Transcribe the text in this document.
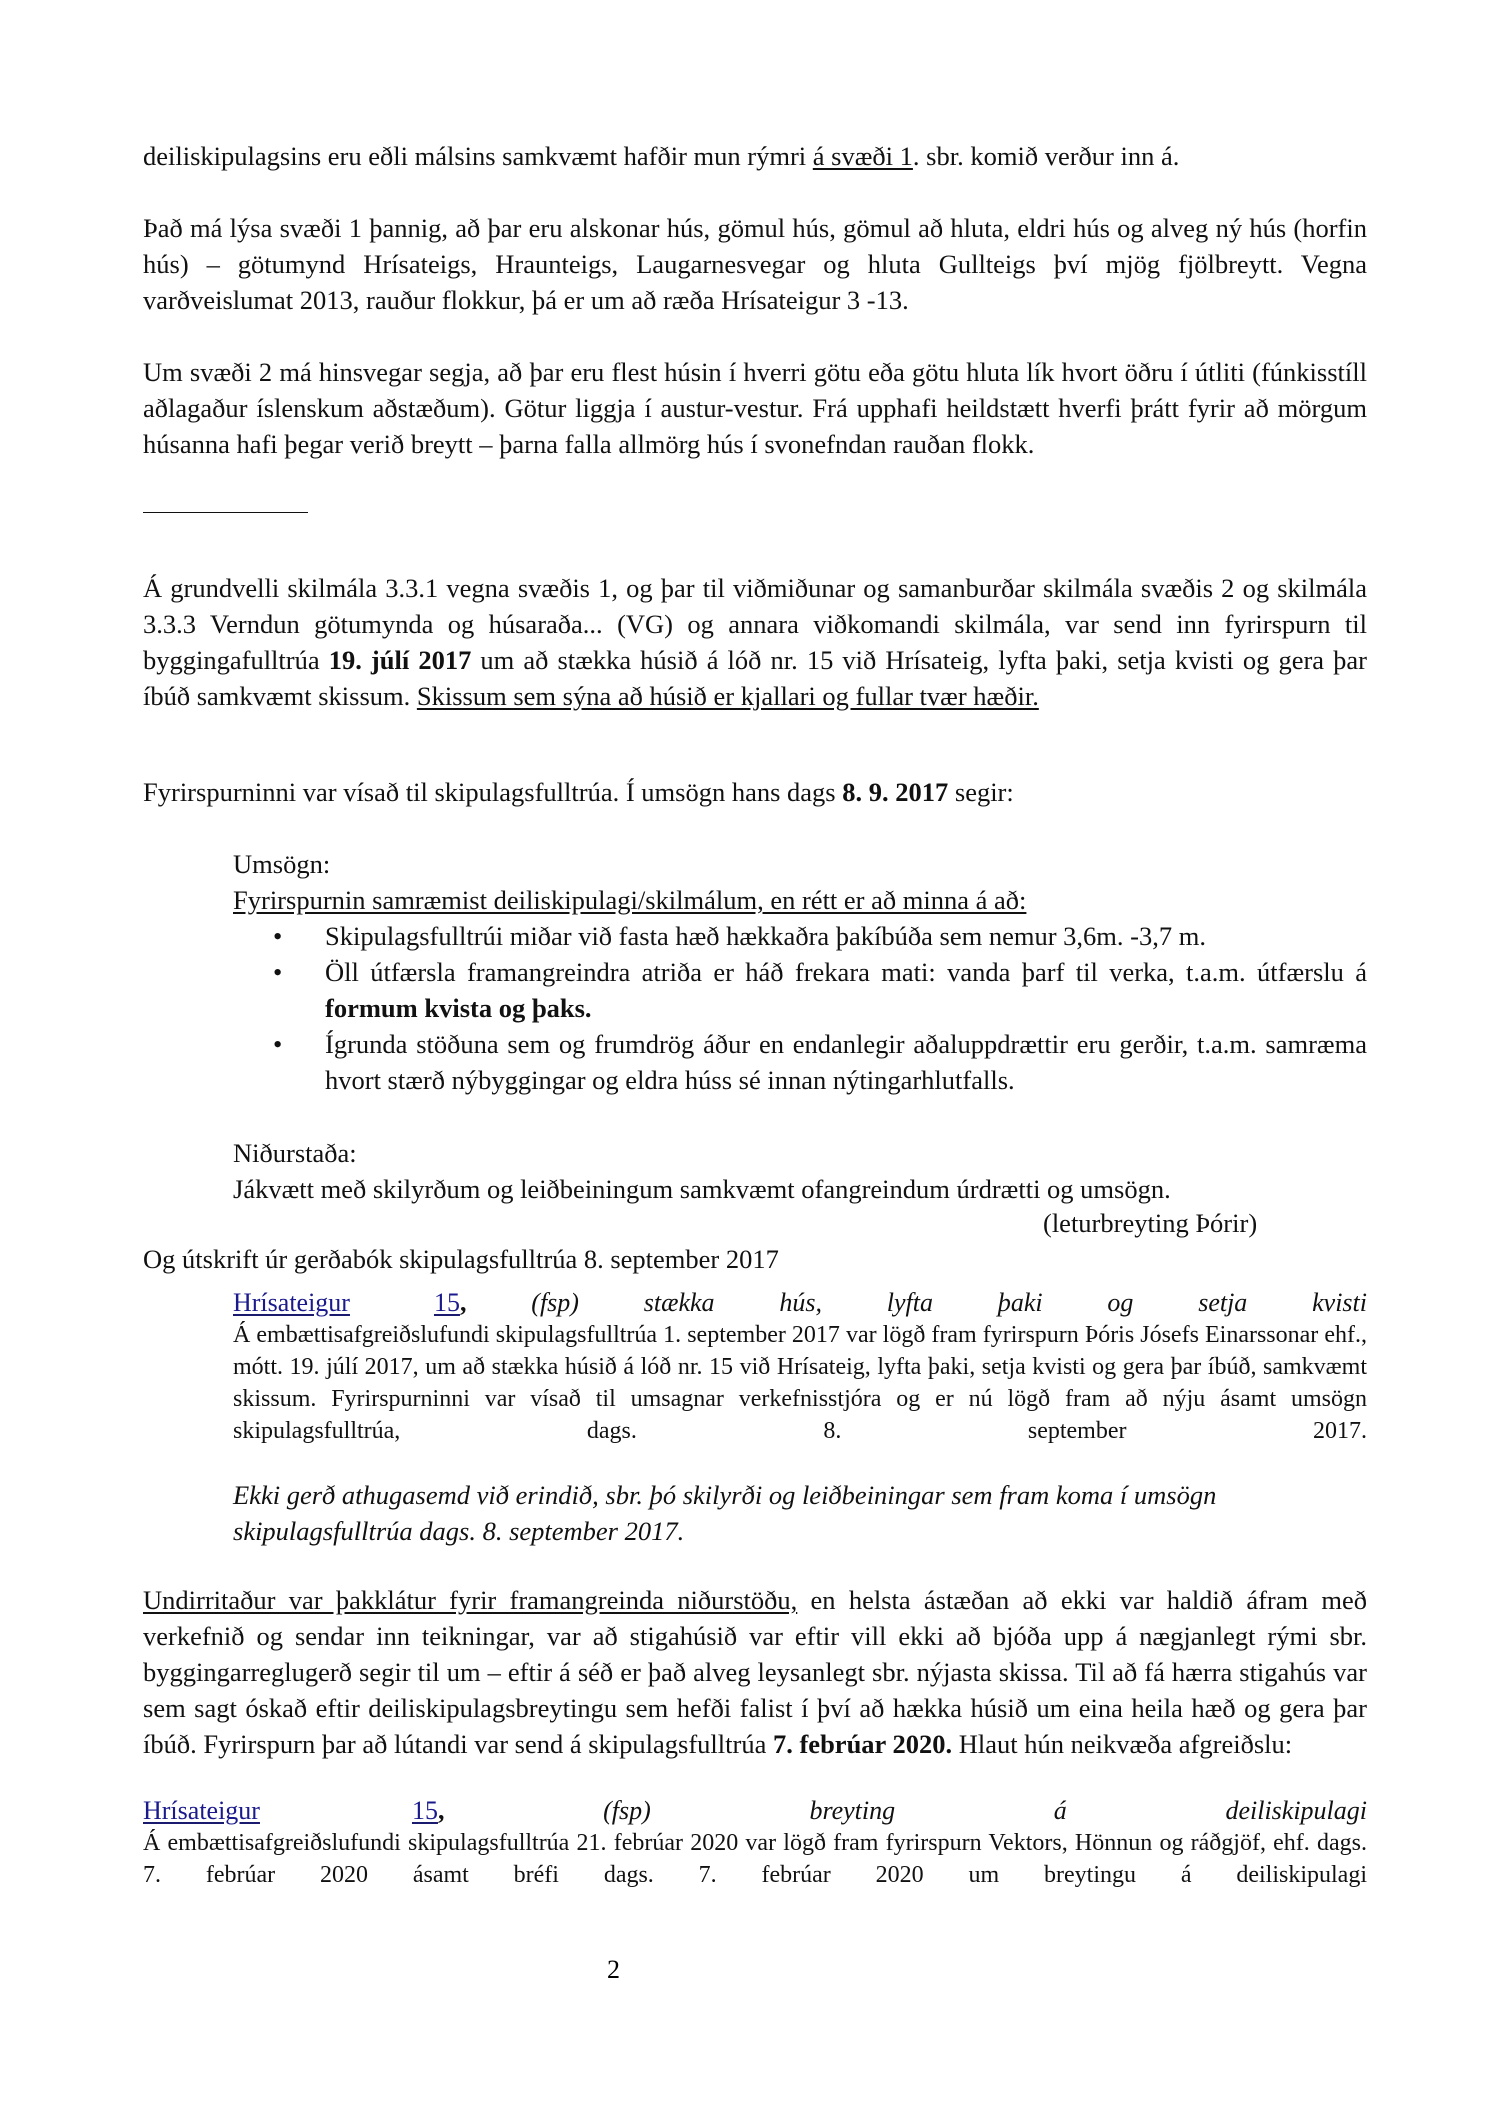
deiliskipulagsins eru eðli málsins samkvæmt hafðir mun rýmri á svæði 1. sbr. komið verður inn á.

Það má lýsa svæði 1 þannig, að þar eru alskonar hús, gömul hús, gömul að hluta, eldri hús og alveg ný hús (horfin hús) – götumynd Hrísateigs, Hraunteigs, Laugarnesvegar og hluta Gullteigs því mjög fjölbreytt. Vegna varðveislumat 2013, rauður flokkur, þá er um að ræða Hrísateigur 3 -13.

Um svæði 2 má hinsvegar segja, að þar eru flest húsin í hverri götu eða götu hluta lík hvort öðru í útliti (fúnkisstíll aðlagaður íslenskum aðstæðum). Götur liggja í austur-vestur. Frá upphafi heildstætt hverfi þrátt fyrir að mörgum húsanna hafi þegar verið breytt – þarna falla allmörg hús í svonefndan rauðan flokk.

Á grundvelli skilmála 3.3.1 vegna svæðis 1, og þar til viðmiðunar og samanburðar skilmála svæðis 2 og skilmála 3.3.3 Verndun götumynda og húsaraða... (VG) og annara viðkomandi skilmála, var send inn fyrirspurn til byggingafulltrúa 19. júlí 2017 um að stækka húsið á lóð nr. 15 við Hrísateig, lyfta þaki, setja kvisti og gera þar íbúð samkvæmt skissum. Skissum sem sýna að húsið er kjallari og fullar tvær hæðir.

Fyrirspurninni var vísað til skipulagsfulltrúa. Í umsögn hans dags 8. 9. 2017 segir:

Umsögn:

Fyrirspurnin samræmist deiliskipulagi/skilmálum, en rétt er að minna á að:

• Skipulagsfulltrúi miðar við fasta hæð hækkaðra þakíbúða sem nemur 3,6m. -3,7 m.
• Öll útfærsla framangreindra atriða er háð frekara mati: vanda þarf til verka, t.a.m. útfærslu á formum kvista og þaks.
• Ígrunda stöðuna sem og frumdrög áður en endanlegir aðaluppdrættir eru gerðir, t.a.m. samræma hvort stærð nýbyggingar og eldra húss sé innan nýtingarhlutfalls.

Niðurstaða:

Jákvætt með skilyrðum og leiðbeiningum samkvæmt ofangreindum úrdrætti og umsögn.

(leturbreyting Þórir)

Og útskrift úr gerðabók skipulagsfulltrúa 8. september 2017

Hrísateigur	15, (fsp) stækka hús, lyfta þaki og setja kvisti
Á embættisafgreiðslufundi skipulagsfulltrúa 1. september 2017 var lögð fram fyrirspurn Þóris Jósefs Einarssonar ehf., mótt. 19. júlí 2017, um að stækka húsið á lóð nr. 15 við Hrísateig, lyfta þaki, setja kvisti og gera þar íbúð, samkvæmt skissum. Fyrirspurninni var vísað til umsagnar verkefnisstjóra og er nú lögð fram að nýju ásamt umsögn skipulagsfulltrúa, dags. 8. september 2017.

Ekki gerð athugasemd við erindið, sbr. þó skilyrði og leiðbeiningar sem fram koma í umsögn skipulagsfulltrúa dags. 8. september 2017.

Undirritaður var þakklátur fyrir framangreinda niðurstöðu, en helsta ástæðan að ekki var haldið áfram með verkefnið og sendar inn teikningar, var að stigahúsið var eftir vill ekki að bjóða upp á nægjanlegt rými sbr. byggingarreglugerð segir til um – eftir á séð er það alveg leysanlegt sbr. nýjasta skissa. Til að fá hærra stigahús var sem sagt óskað eftir deiliskipulagsbreytingu sem hefði falist í því að hækka húsið um eina heila hæð og gera þar íbúð. Fyrirspurn þar að lútandi var send á skipulagsfulltrúa 7. febrúar 2020. Hlaut hún neikvæða afgreiðslu:

Hrísateigur	15,	(fsp)	breyting	á	deiliskipulagi
Á embættisafgreiðslufundi skipulagsfulltrúa 21. febrúar 2020 var lögð fram fyrirspurn Vektors, Hönnun og ráðgjöf, ehf. dags. 7. febrúar 2020 ásamt bréfi dags. 7. febrúar 2020 um breytingu á deiliskipulagi
2
